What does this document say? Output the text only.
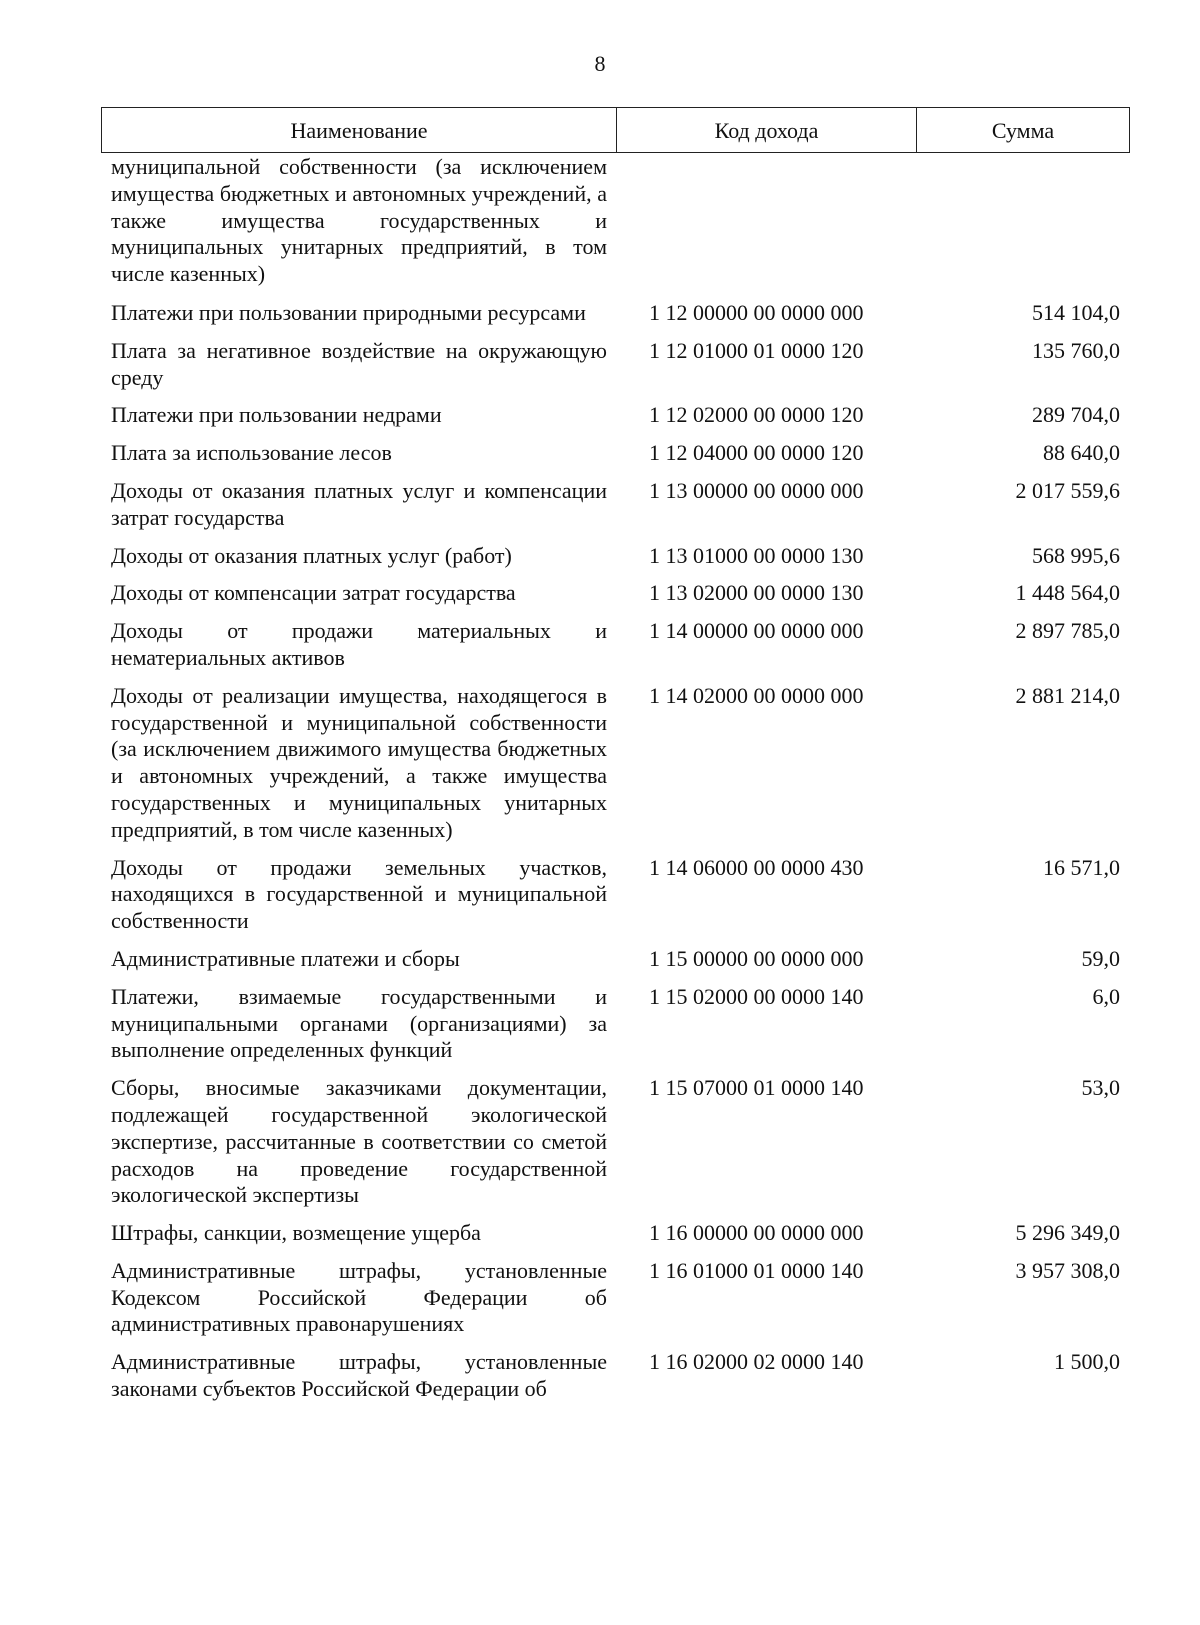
8
Наименование	Код дохода	Сумма
муниципальной собственности (за исключением имущества бюджетных и автономных учреждений, а также имущества государственных и муниципальных унитарных предприятий, в том числе казенных)
Платежи при пользовании природными ресурсами	1 12 00000 00 0000 000	514 104,0
Плата за негативное воздействие на окружающую среду
1 12 01000 01 0000 120	135 760,0
Платежи при пользовании недрами	1 12 02000 00 0000 120	289 704,0
Плата за использование лесов	1 12 04000 00 0000 120	88 640,0
Доходы от оказания платных услуг и компенсации затрат государства
1 13 00000 00 0000 000	2 017 559,6
Доходы от оказания платных услуг (работ)	1 13 01000 00 0000 130	568 995,6
Доходы от компенсации затрат государства	1 13 02000 00 0000 130	1 448 564,0
Доходы от продажи материальных и нематериальных активов
1 14 00000 00 0000 000	2 897 785,0
Доходы от реализации имущества, находящегося в государственной и муниципальной собственности (за исключением движимого имущества бюджетных и автономных учреждений, а также имущества государственных и муниципальных унитарных предприятий, в том числе казенных)
1 14 02000 00 0000 000	2 881 214,0
Доходы от продажи земельных участков, находящихся в государственной и муниципальной собственности
1 14 06000 00 0000 430	16 571,0
Административные платежи и сборы	1 15 00000 00 0000 000	59,0
Платежи, взимаемые государственными и муниципальными органами (организациями) за выполнение определенных функций
1 15 02000 00 0000 140	6,0
Сборы, вносимые заказчиками документации, подлежащей государственной экологической экспертизе, рассчитанные в соответствии со сметой расходов на проведение государственной экологической экспертизы
1 15 07000 01 0000 140	53,0
Штрафы, санкции, возмещение ущерба	1 16 00000 00 0000 000	5 296 349,0
Административные штрафы, установленные Кодексом Российской Федерации об административных правонарушениях
1 16 01000 01 0000 140	3 957 308,0
Административные штрафы, установленные законами субъектов Российской Федерации об
1 16 02000 02 0000 140	1 500,0
